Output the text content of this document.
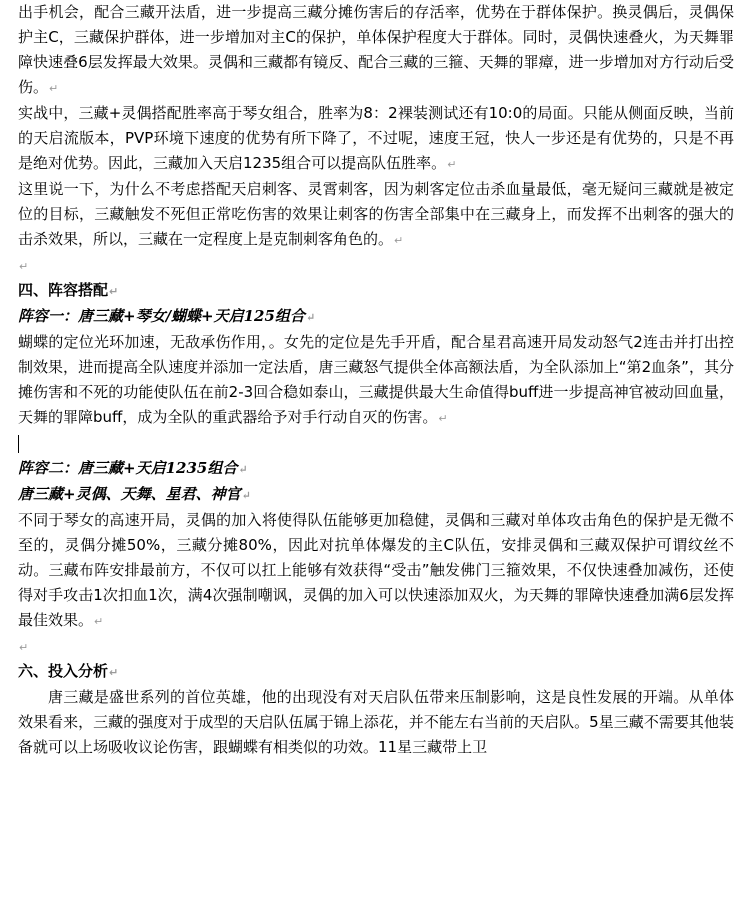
出手机会，配合三藏开法盾，进一步提高三藏分摊伤害后的存活率，优势在于群体保护。换灵偶后，灵偶保护主C，三藏保护群体，进一步增加对主C的保护，单体保护程度大于群体。同时，灵偶快速叠火，为天舞罪障快速叠6层发挥最大效果。灵偶和三藏都有镜反、配合三藏的三箍、天舞的罪瘴，进一步增加对方行动后受伤。↵

实战中，三藏+灵偶搭配胜率高于琴女组合，胜率为8：2裸装测试还有10:0的局面。只能从侧面反映，当前的天启流版本，PVP环境下速度的优势有所下降了，不过呢，速度王冠，快人一步还是有优势的，只是不再是绝对优势。因此，三藏加入天启1235组合可以提高队伍胜率。↵

这里说一下，为什么不考虑搭配天启刺客、灵霄刺客，因为刺客定位击杀血量最低，毫无疑问三藏就是被定位的目标，三藏触发不死但正常吃伤害的效果让刺客的伤害全部集中在三藏身上，而发挥不出刺客的强大的击杀效果，所以，三藏在一定程度上是克制刺客角色的。↵

↵

四、阵容搭配↵

阵容一：唐三藏+琴女/蝴蝶+天启125组合↵

蝴蝶的定位光环加速，无敌承伤作用，。女先的定位是先手开盾，配合星君高速开局发动怒气2连击并打出控制效果，进而提高全队速度并添加一定法盾，唐三藏怒气提供全体高额法盾，为全队添加上“第2血条”，其分摊伤害和不死的功能使队伍在前2-3回合稳如泰山，三藏提供最大生命值得buff进一步提高神官被动回血量，天舞的罪障buff，成为全队的重武器给予对手行动自灭的伤害。↵

阵容二：唐三藏+天启1235组合↵

唐三藏+灵偶、天舞、星君、神官↵

不同于琴女的高速开局，灵偶的加入将使得队伍能够更加稳健，灵偶和三藏对单体攻击角色的保护是无微不至的，灵偶分摊50%，三藏分摊80%，因此对抗单体爆发的主C队伍，安排灵偶和三藏双保护可谓纹丝不动。三藏布阵安排最前方，不仅可以扛上能够有效获得“受击”触发佛门三箍效果，不仅快速叠加减伤，还使得对手攻击1次扣血1次，满4次强制嘲讽，灵偶的加入可以快速添加双火，为天舞的罪障快速叠加满6层发挥最佳效果。↵

↵

六、投入分析↵

唐三藏是盛世系列的首位英雄，他的出现没有对天启队伍带来压制影响，这是良性发展的开端。从单体效果看来，三藏的强度对于成型的天启队伍属于锦上添花，并不能左右当前的天启队。5星三藏不需要其他装备就可以上场吸收议论伤害，跟蝴蝶有相类似的功效。11星三藏带上卫
